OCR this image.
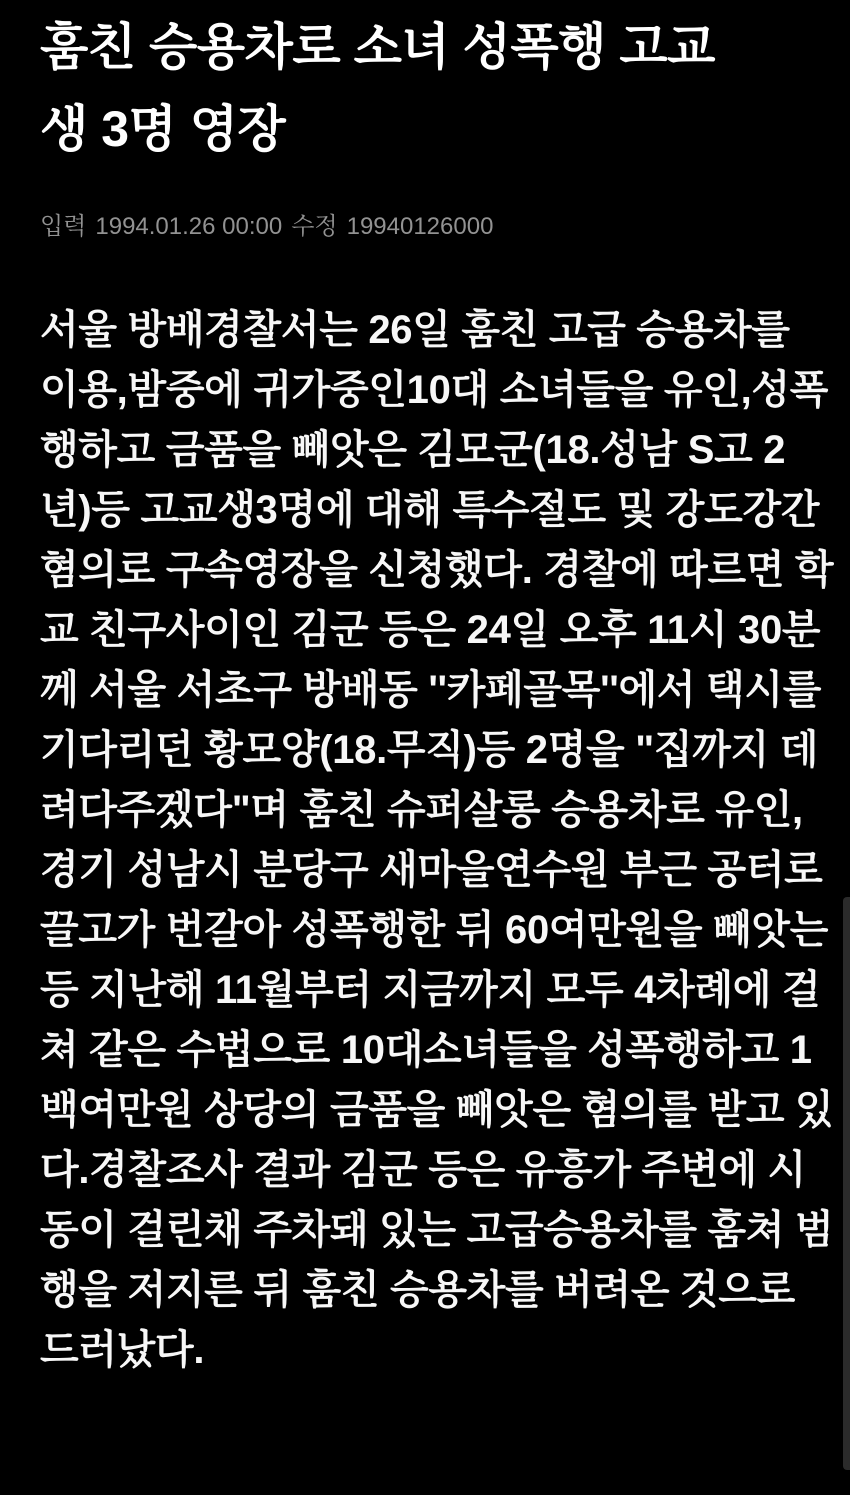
훔친 승용차로 소녀 성폭행 고교
생 3명 영장
입력 1994.01.26 00:00 수정 19940126000
서울 방배경찰서는 26일 훔친 고급 승용차를
이용,밤중에 귀가중인10대 소녀들을 유인,성폭
행하고 금품을 빼앗은 김모군(18.성남 S고 2
년)등 고교생3명에 대해 특수절도 및 강도강간
혐의로 구속영장을 신청했다. 경찰에 따르면 학
교 친구사이인 김군 등은 24일 오후 11시 30분
께 서울 서초구 방배동 ''카페골목''에서 택시를
기다리던 황모양(18.무직)등 2명을 "집까지 데
려다주겠다"며 훔친 슈퍼살롱 승용차로 유인,
경기 성남시 분당구 새마을연수원 부근 공터로
끌고가 번갈아 성폭행한 뒤 60여만원을 빼앗는
등 지난해 11월부터 지금까지 모두 4차례에 걸
쳐 같은 수법으로 10대소녀들을 성폭행하고 1
백여만원 상당의 금품을 빼앗은 혐의를 받고 있
다.경찰조사 결과 김군 등은 유흥가 주변에 시
동이 걸린채 주차돼 있는 고급승용차를 훔쳐 범
행을 저지른 뒤 훔친 승용차를 버려온 것으로
드러났다.
